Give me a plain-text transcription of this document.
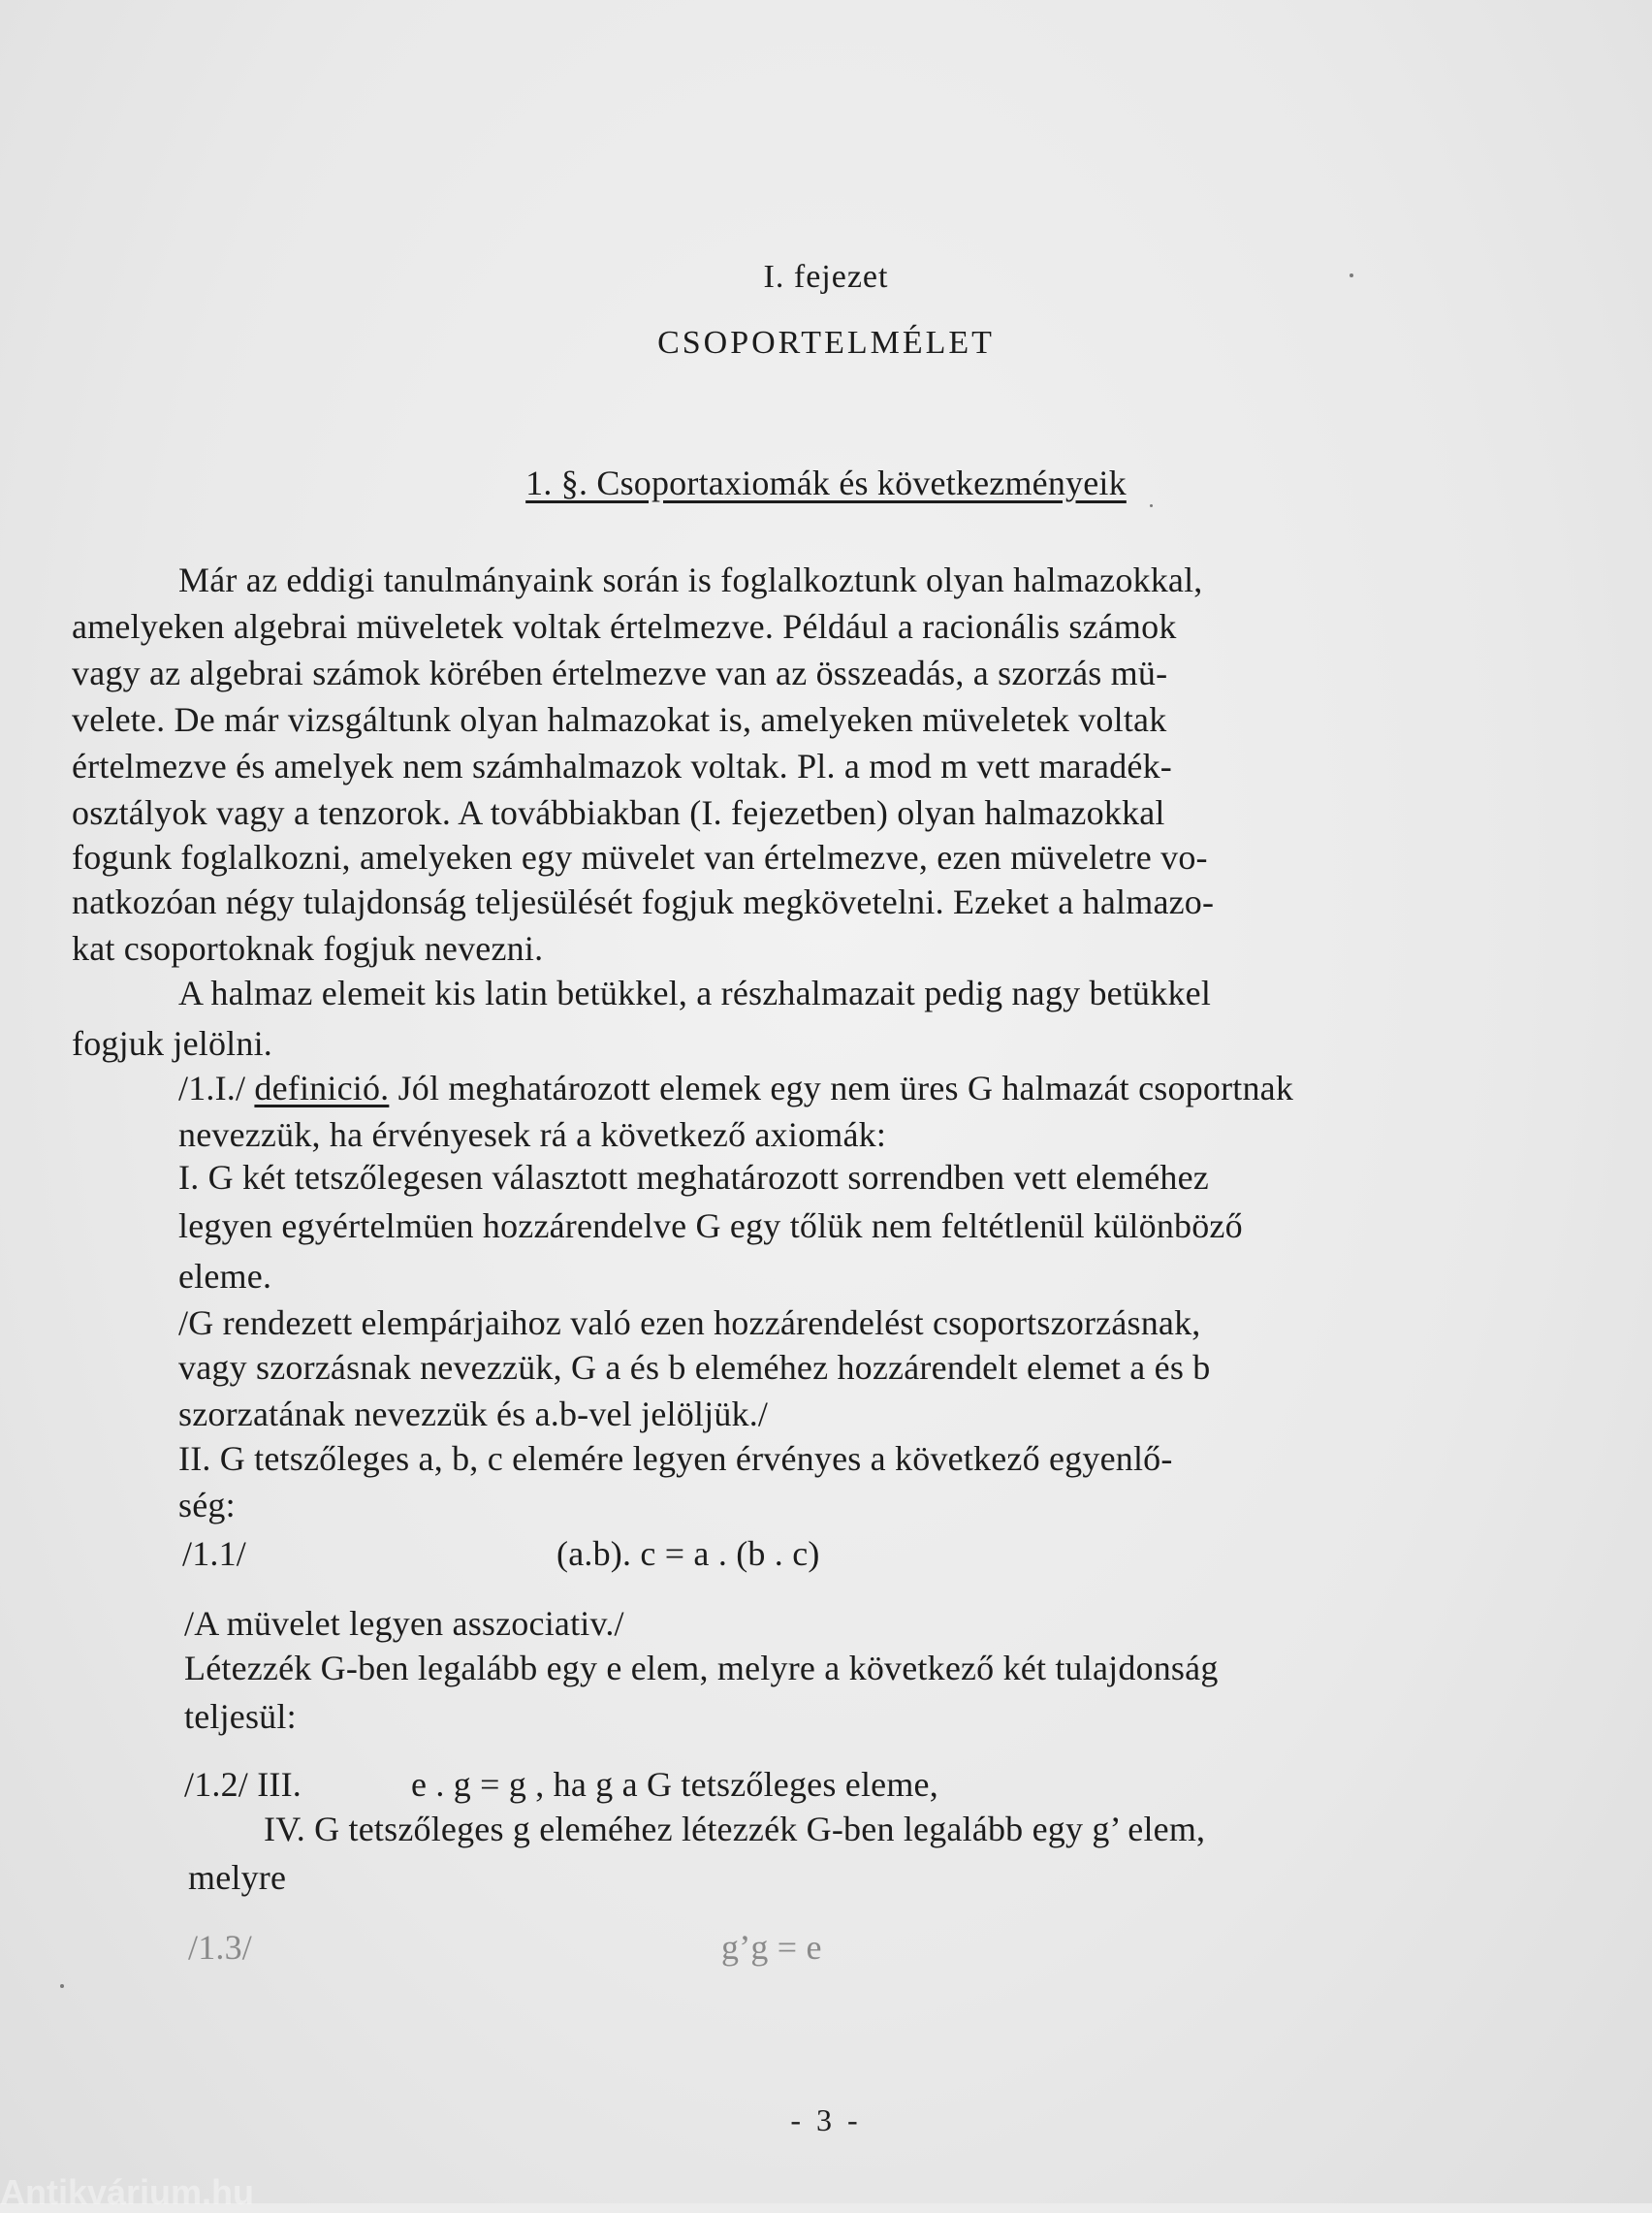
I. fejezet
CSOPORTELMÉLET
1. §. Csoportaxiomák és következményeik
Már az eddigi tanulmányaink során is foglalkoztunk olyan halmazokkal,
amelyeken algebrai müveletek voltak értelmezve. Például a racionális számok
vagy az algebrai számok körében értelmezve van az összeadás, a szorzás mü-
velete. De már vizsgáltunk olyan halmazokat is, amelyeken müveletek voltak
értelmezve és amelyek nem számhalmazok voltak. Pl. a mod m vett maradék-
osztályok vagy a tenzorok. A továbbiakban (I. fejezetben) olyan halmazokkal
fogunk foglalkozni, amelyeken egy müvelet van értelmezve, ezen müveletre vo-
natkozóan négy tulajdonság teljesülését fogjuk megkövetelni. Ezeket a halmazo-
kat csoportoknak fogjuk nevezni.
A halmaz elemeit kis latin betükkel, a részhalmazait pedig nagy betükkel
fogjuk jelölni.
/1.I./ definició. Jól meghatározott elemek egy nem üres G halmazát csoportnak
nevezzük, ha érvényesek rá a következő axiomák:
I. G két tetszőlegesen választott meghatározott sorrendben vett eleméhez
legyen egyértelmüen hozzárendelve G egy tőlük nem feltétlenül különböző
eleme.
/G rendezett elempárjaihoz való ezen hozzárendelést csoportszorzásnak,
vagy szorzásnak nevezzük, G a és b eleméhez hozzárendelt elemet a és b
szorzatának nevezzük és a.b-vel jelöljük./
II. G tetszőleges a, b, c elemére legyen érvényes a következő egyenlő-
ség:
/1.1/	(a.b). c = a . (b . c)
/A müvelet legyen asszociativ./
Létezzék G-ben legalább egy e elem, melyre a következő két tulajdonság
teljesül:
/1.2/ III.	e . g = g , ha g a G tetszőleges eleme,
IV. G tetszőleges g eleméhez létezzék G-ben legalább egy g’ elem,
melyre
/1.3/	g’g = e
- 3 -
Antikvárium.hu
